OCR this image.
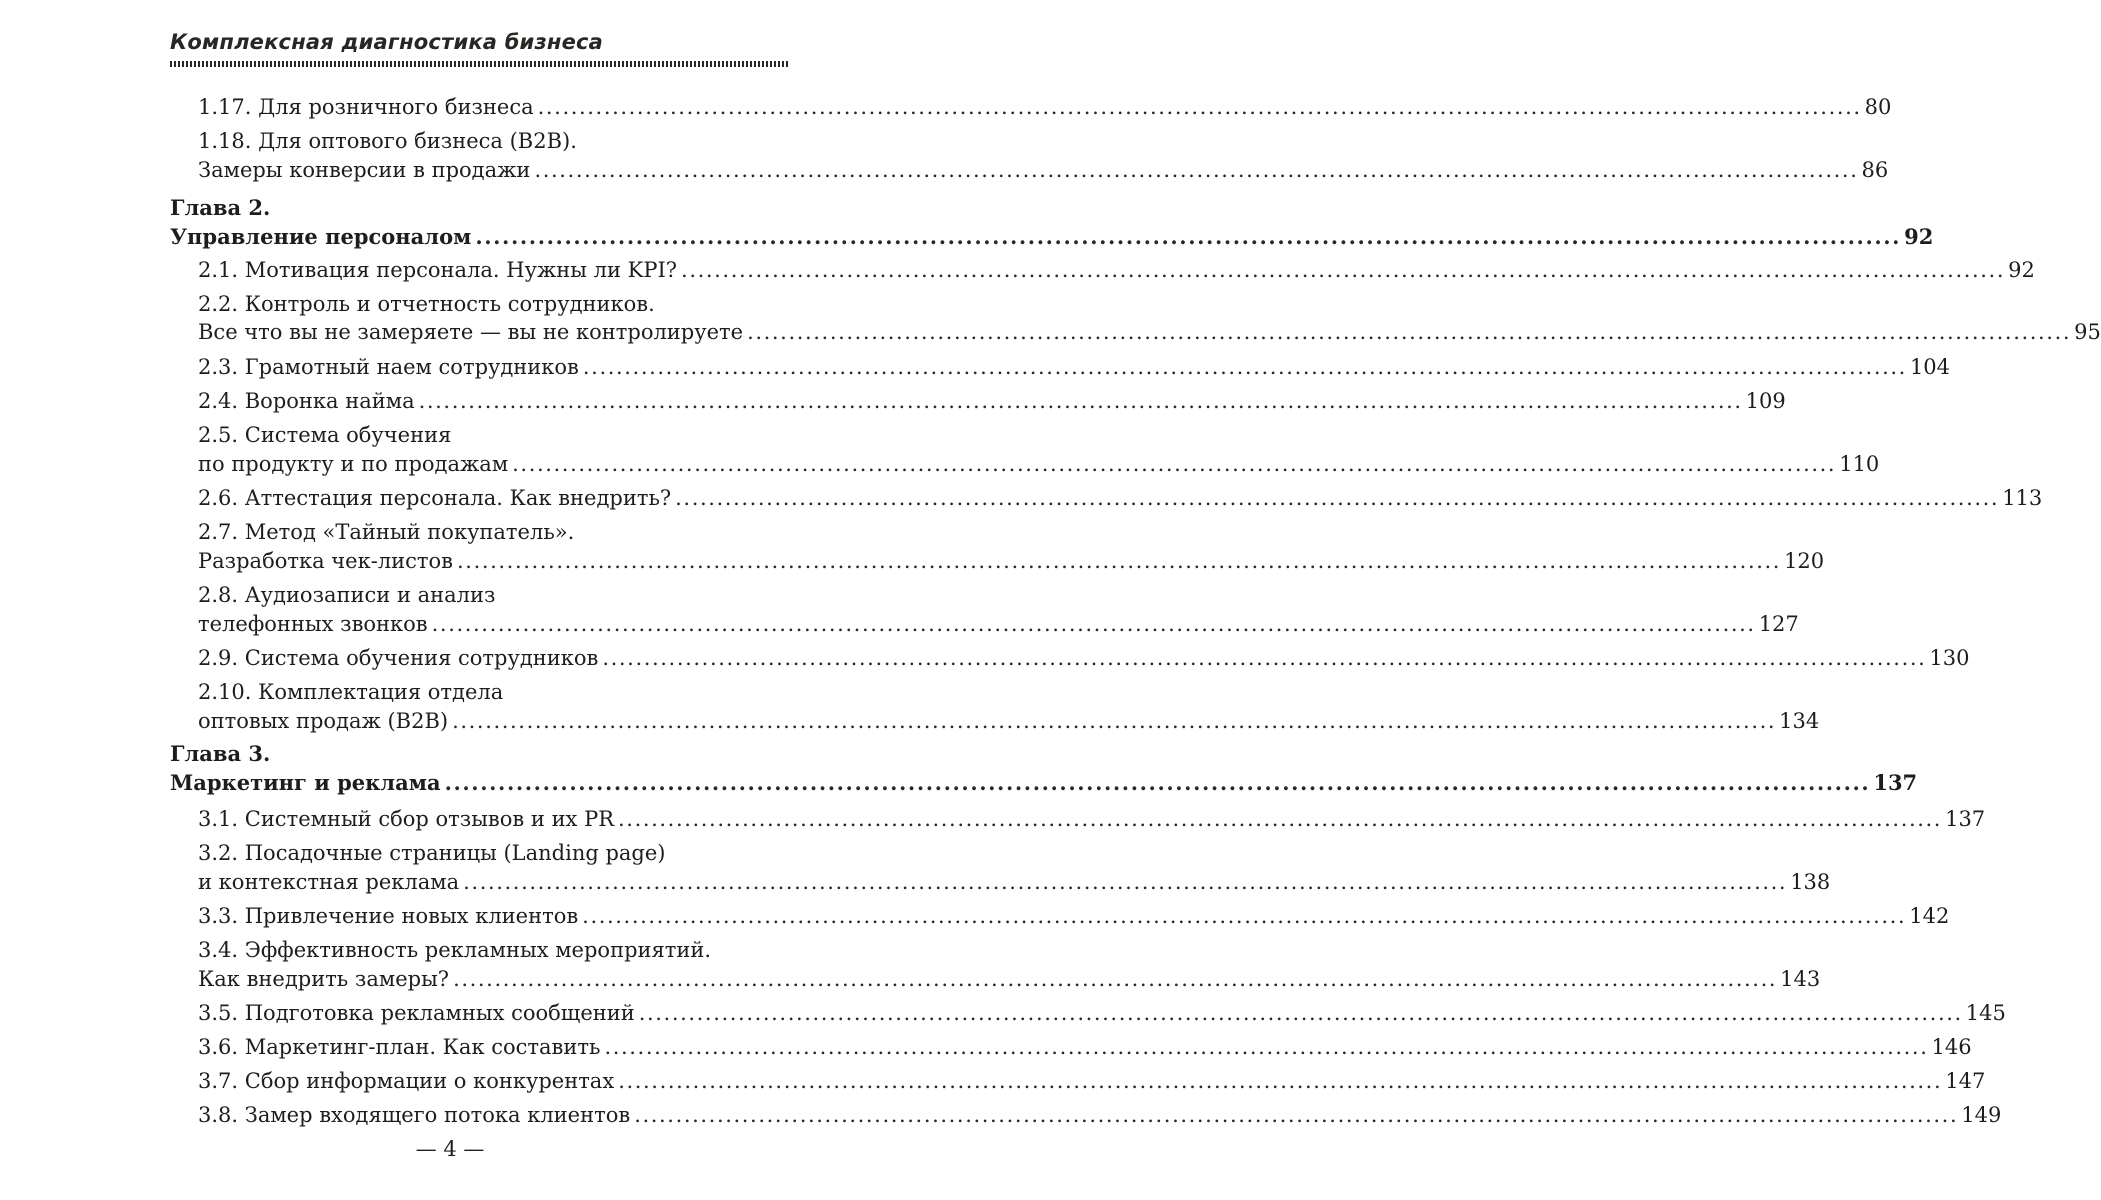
Комплексная диагностика бизнеса
1.17. Для розничного бизнеса ................................................................................................................................................................ 80
1.18. Для оптового бизнеса (B2B).
Замеры конверсии в продажи ................................................................................................................................................................ 86
Глава 2.
Управление персоналом ................................................................................................................................................................ 92
2.1. Мотивация персонала. Нужны ли KPI? ................................................................................................................................................................ 92
2.2. Контроль и отчетность сотрудников.
Все что вы не замеряете — вы не контролируете ................................................................................................................................................................ 95
2.3. Грамотный наем сотрудников ................................................................................................................................................................ 104
2.4. Воронка найма ................................................................................................................................................................ 109
2.5. Система обучения
по продукту и по продажам ................................................................................................................................................................ 110
2.6. Аттестация персонала. Как внедрить? ................................................................................................................................................................ 113
2.7. Метод «Тайный покупатель».
Разработка чек-листов ................................................................................................................................................................ 120
2.8. Аудиозаписи и анализ
телефонных звонков ................................................................................................................................................................ 127
2.9. Система обучения сотрудников ................................................................................................................................................................ 130
2.10. Комплектация отдела
оптовых продаж (B2B) ................................................................................................................................................................ 134
Глава 3.
Маркетинг и реклама ................................................................................................................................................................ 137
3.1. Системный сбор отзывов и их PR ................................................................................................................................................................ 137
3.2. Посадочные страницы (Landing page)
и контекстная реклама ................................................................................................................................................................ 138
3.3. Привлечение новых клиентов ................................................................................................................................................................ 142
3.4. Эффективность рекламных мероприятий.
Как внедрить замеры? ................................................................................................................................................................ 143
3.5. Подготовка рекламных сообщений ................................................................................................................................................................ 145
3.6. Маркетинг-план. Как составить ................................................................................................................................................................ 146
3.7. Сбор информации о конкурентах ................................................................................................................................................................ 147
3.8. Замер входящего потока клиентов ................................................................................................................................................................ 149
— 4 —
